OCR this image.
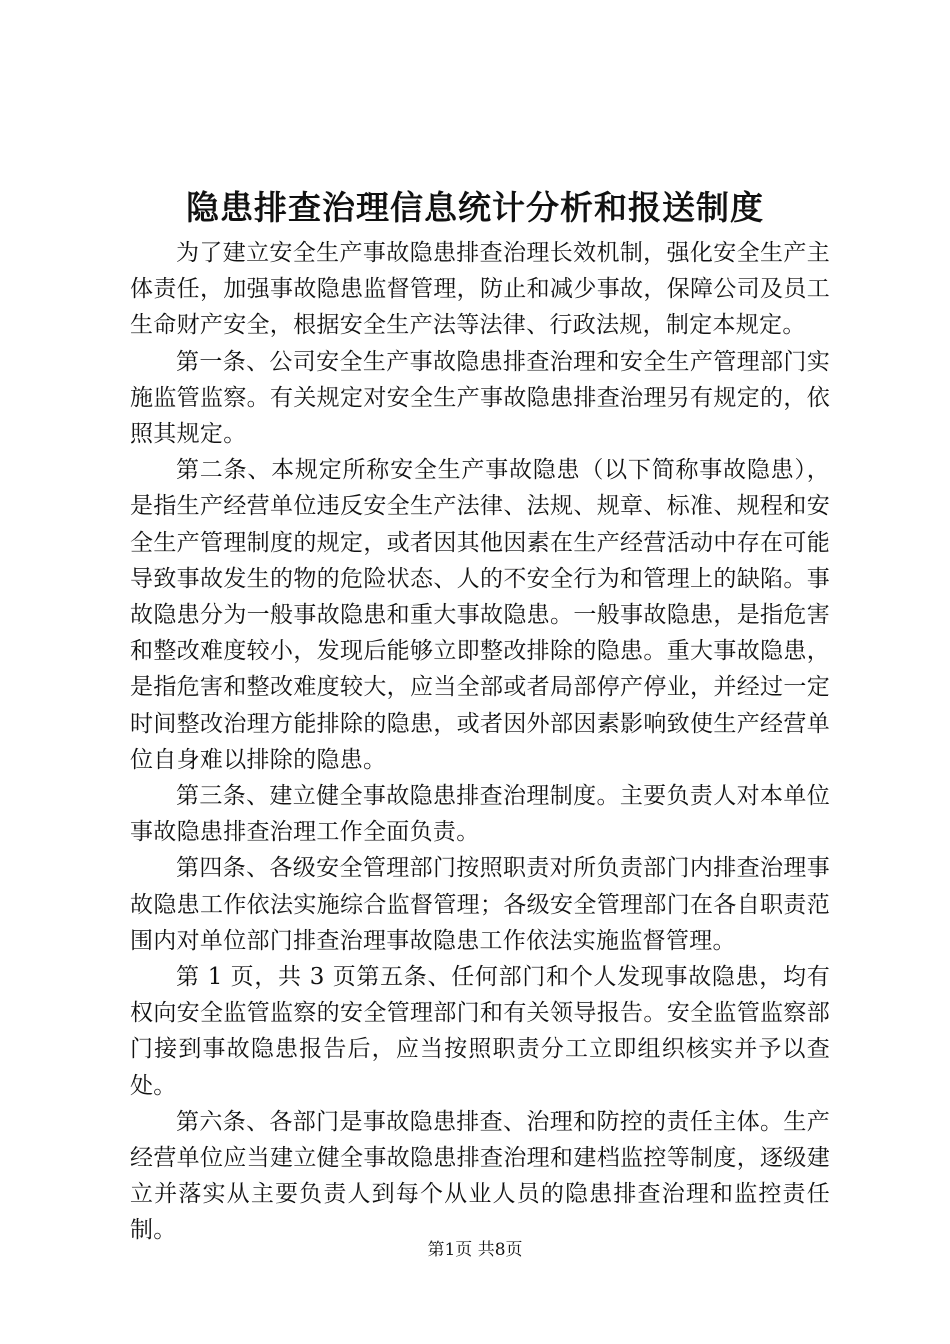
隐患排查治理信息统计分析和报送制度

为了建立安全生产事故隐患排查治理长效机制，强化安全生产主体责任，加强事故隐患监督管理，防止和减少事故，保障公司及员工生命财产安全，根据安全生产法等法律、行政法规，制定本规定。

第一条、公司安全生产事故隐患排查治理和安全生产管理部门实施监管监察。有关规定对安全生产事故隐患排查治理另有规定的，依照其规定。

第二条、本规定所称安全生产事故隐患（以下简称事故隐患），是指生产经营单位违反安全生产法律、法规、规章、标准、规程和安全生产管理制度的规定，或者因其他因素在生产经营活动中存在可能导致事故发生的物的危险状态、人的不安全行为和管理上的缺陷。事故隐患分为一般事故隐患和重大事故隐患。一般事故隐患，是指危害和整改难度较小，发现后能够立即整改排除的隐患。重大事故隐患，是指危害和整改难度较大，应当全部或者局部停产停业，并经过一定时间整改治理方能排除的隐患，或者因外部因素影响致使生产经营单位自身难以排除的隐患。

第三条、建立健全事故隐患排查治理制度。主要负责人对本单位事故隐患排查治理工作全面负责。

第四条、各级安全管理部门按照职责对所负责部门内排查治理事故隐患工作依法实施综合监督管理；各级安全管理部门在各自职责范围内对单位部门排查治理事故隐患工作依法实施监督管理。

第 1 页，共 3 页第五条、任何部门和个人发现事故隐患，均有权向安全监管监察的安全管理部门和有关领导报告。安全监管监察部门接到事故隐患报告后，应当按照职责分工立即组织核实并予以查处。

第六条、各部门是事故隐患排查、治理和防控的责任主体。生产经营单位应当建立健全事故隐患排查治理和建档监控等制度，逐级建立并落实从主要负责人到每个从业人员的隐患排查治理和监控责任制。

第1页 共8页
